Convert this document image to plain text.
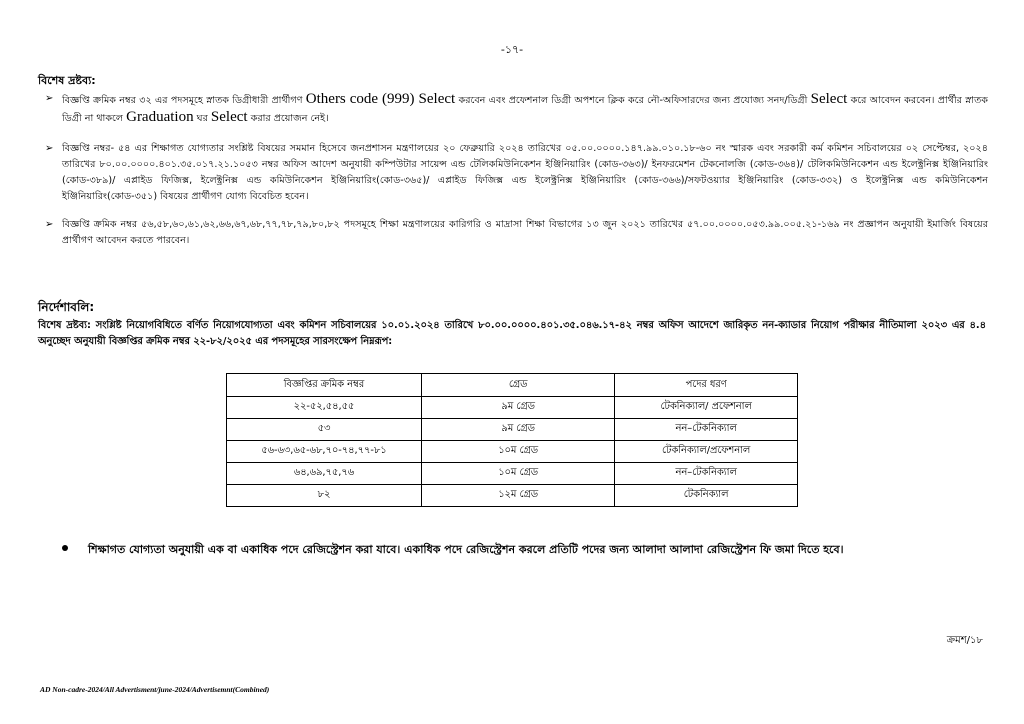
-১৭-
বিশেষ দ্রষ্টব্য:
➢ বিজ্ঞপ্তি ক্রমিক নম্বর ৩২ এর পদসমূহে স্নাতক ডিগ্রীধারী প্রার্থীগণ Others code (999) Select করবেন এবং প্রফেশনাল ডিগ্রী অপশনে ক্লিক করে নৌ-অফিসারদের জন্য প্রযোজ্য সনদ/ডিগ্রী Select করে আবেদন করবেন। প্রার্থীর স্নাতক ডিগ্রী না থাকলে Graduation ঘর Select করার প্রয়োজন নেই।
➢ বিজ্ঞপ্তি নম্বর- ৫৪ এর শিক্ষাগত যোগ্যতার সংশ্লিষ্ট বিষয়ের সমমান হিসেবে জনপ্রশাসন মন্ত্রণালয়ের ২০ ফেব্রুয়ারি ২০২৪ তারিখের ০৫.০০.০০০০.১৪৭.৯৯.০১০.১৮-৬০ নং স্মারক এবং সরকারী কর্ম কমিশন সচিবালয়ের ০২ সেপ্টেম্বর, ২০২৪ তারিখের ৮০.০০.০০০০.৪০১.৩৫.০১৭.২১.১০৫৩ নম্বর অফিস আদেশ অনুযায়ী কম্পিউটার সায়েন্স এন্ড টেলিকমিউনিকেশন ইঞ্জিনিয়ারিং (কোড-৩৬৩)/ ইনফরমেশন টেকনোলজি (কোড-৩৬৪)/ টেলিকমিউনিকেশন এন্ড ইলেক্ট্রনিক্স ইঞ্জিনিয়ারিং (কোড-৩৮৯)/ এপ্লাইড ফিজিক্স, ইলেক্ট্রনিক্স এন্ড কমিউনিকেশন ইঞ্জিনিয়ারিং(কোড-৩৬৫)/ এপ্লাইড ফিজিক্স এন্ড ইলেক্ট্রনিক্স ইঞ্জিনিয়ারিং (কোড-৩৬৬)/সফটওয়্যার ইঞ্জিনিয়ারিং (কোড-৩৩২) ও ইলেক্ট্রনিক্স এন্ড কমিউনিকেশন ইঞ্জিনিয়ারিং(কোড-৩৫১) বিষয়ের প্রার্থীগণ যোগ্য বিবেচিত হবেন।
➢ বিজ্ঞপ্তি ক্রমিক নম্বর ৫৬,৫৮,৬০,৬১,৬২,৬৬,৬৭,৬৮,৭৭,৭৮,৭৯,৮০,৮২ পদসমূহে শিক্ষা মন্ত্রণালয়ের কারিগরি ও মাদ্রাসা শিক্ষা বিভাগের ১৩ জুন ২০২১ তারিখের ৫৭.০০.০০০০.০৫৩.৯৯.০০৫.২১-১৬৯ নং প্রজ্ঞাপন অনুযায়ী ইমার্জিং বিষয়ের প্রার্থীগণ আবেদন করতে পারবেন।
নির্দেশাবলি:
বিশেষ দ্রষ্টব্য: সংশ্লিষ্ট নিয়োগবিধিতে বর্ণিত নিয়োগযোগ্যতা এবং কমিশন সচিবালয়ের ১০.০১.২০২৪ তারিখে ৮০.০০.০০০০.৪০১.৩৫.০৪৬.১৭-৪২ নম্বর অফিস আদেশে জারিকৃত নন-ক্যাডার নিয়োগ পরীক্ষার নীতিমালা ২০২৩ এর ৪.৪ অনুচ্ছেদ অনুযায়ী বিজ্ঞপ্তির ক্রমিক নম্বর ২২-৮২/২০২৫ এর পদসমূহের সারসংক্ষেপ নিম্নরূপ:
বিজ্ঞপ্তির ক্রমিক নম্বর	গ্রেড	পদের ধরণ
২২-৫২,৫৪,৫৫	৯ম গ্রেড	টেকনিক্যাল/ প্রফেশনাল
৫৩	৯ম গ্রেড	নন–টেকনিক্যাল
৫৬-৬৩,৬৫-৬৮,৭০-৭৪,৭৭-৮১	১০ম গ্রেড	টেকনিক্যাল/প্রফেশনাল
৬৪,৬৯,৭৫,৭৬	১০ম গ্রেড	নন–টেকনিক্যাল
৮২	১২ম গ্রেড	টেকনিক্যাল
শিক্ষাগত যোগ্যতা অনুযায়ী এক বা একাধিক পদে রেজিস্ট্রেশন করা যাবে। একাধিক পদে রেজিস্ট্রেশন করলে প্রতিটি পদের জন্য আলাদা আলাদা রেজিস্ট্রেশন ফি জমা দিতে হবে।
ক্রমশ/১৮
AD Non-cadre-2024/All Advertisment/june-2024/Advertisemnt(Combined)
